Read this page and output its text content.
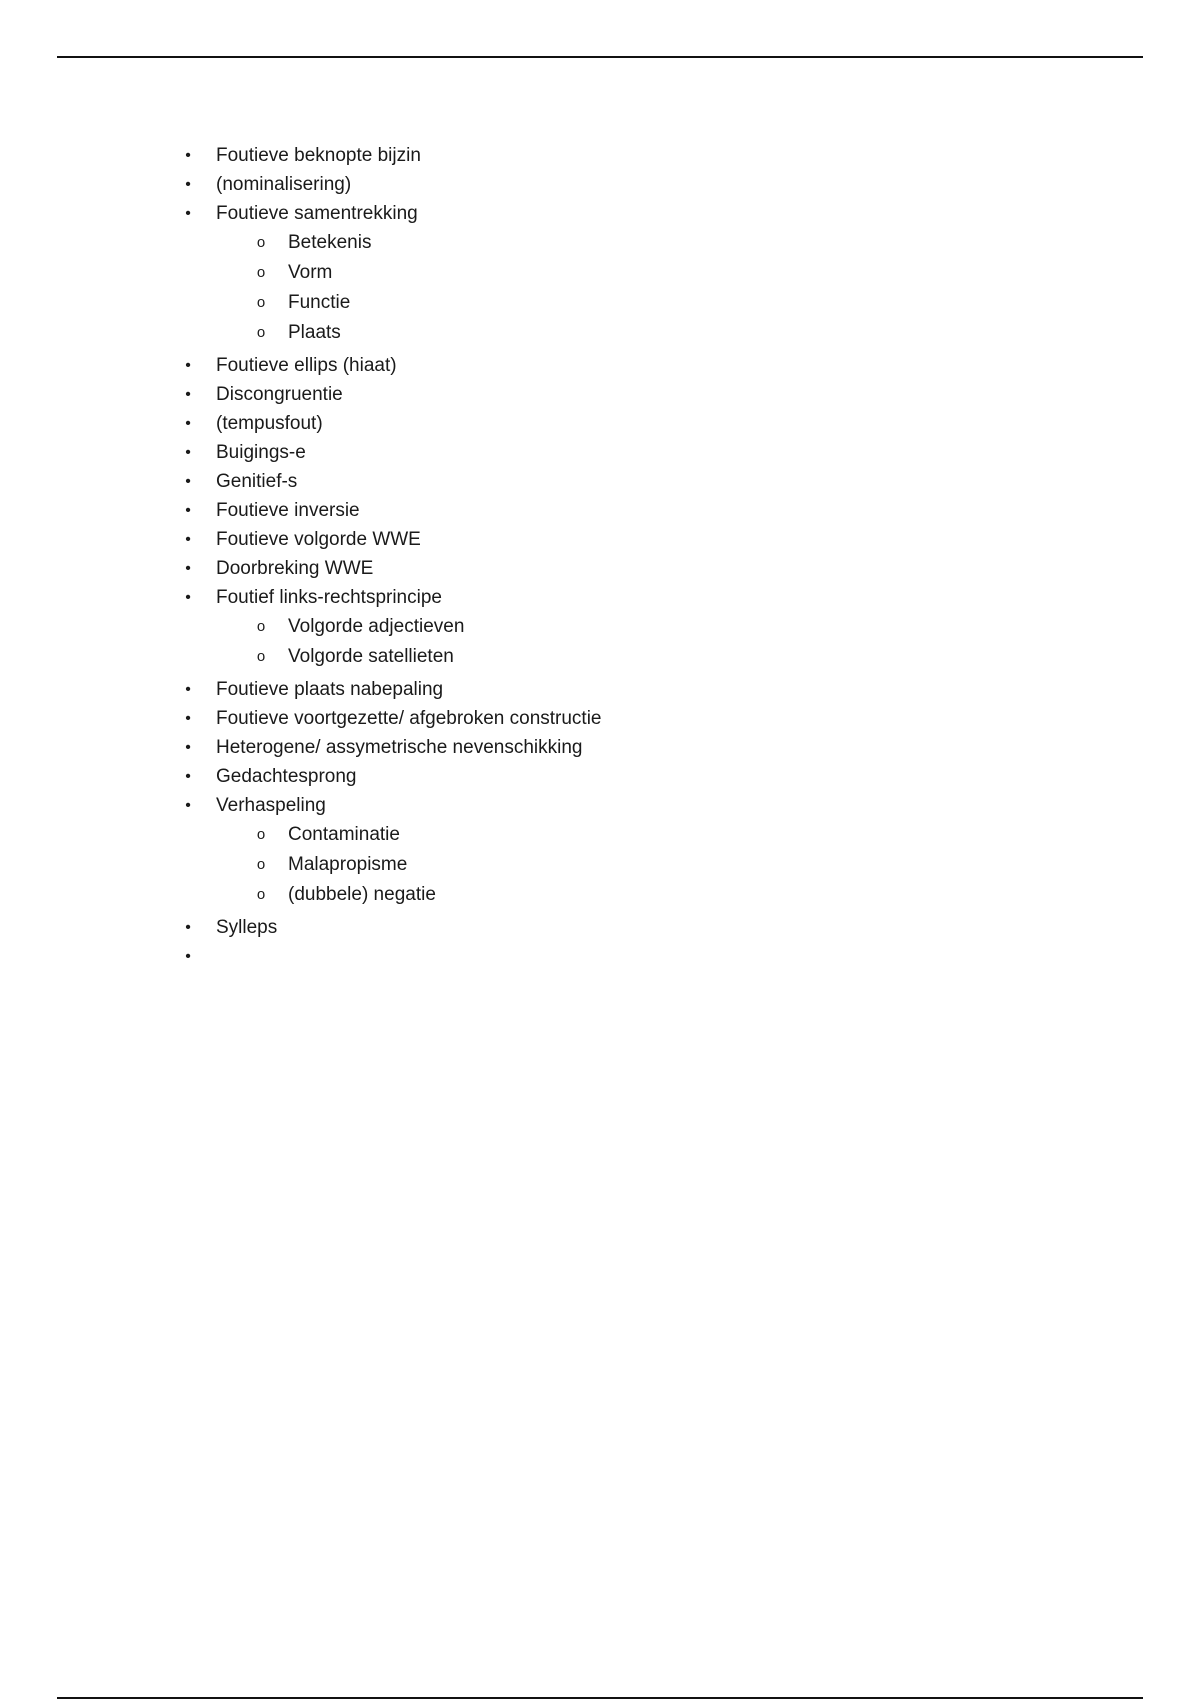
•	Foutieve beknopte bijzin
•	(nominalisering)
•	Foutieve samentrekking
o	Betekenis
o	Vorm
o	Functie
o	Plaats
•	Foutieve ellips (hiaat)
•	Discongruentie
•	(tempusfout)
•	Buigings-e
•	Genitief-s
•	Foutieve inversie
•	Foutieve volgorde WWE
•	Doorbreking WWE
•	Foutief links-rechtsprincipe
o	Volgorde adjectieven
o	Volgorde satellieten
•	Foutieve plaats nabepaling
•	Foutieve voortgezette/ afgebroken constructie
•	Heterogene/ assymetrische nevenschikking
•	Gedachtesprong
•	Verhaspeling
o	Contaminatie
o	Malapropisme
o	(dubbele) negatie
•	Sylleps
•
